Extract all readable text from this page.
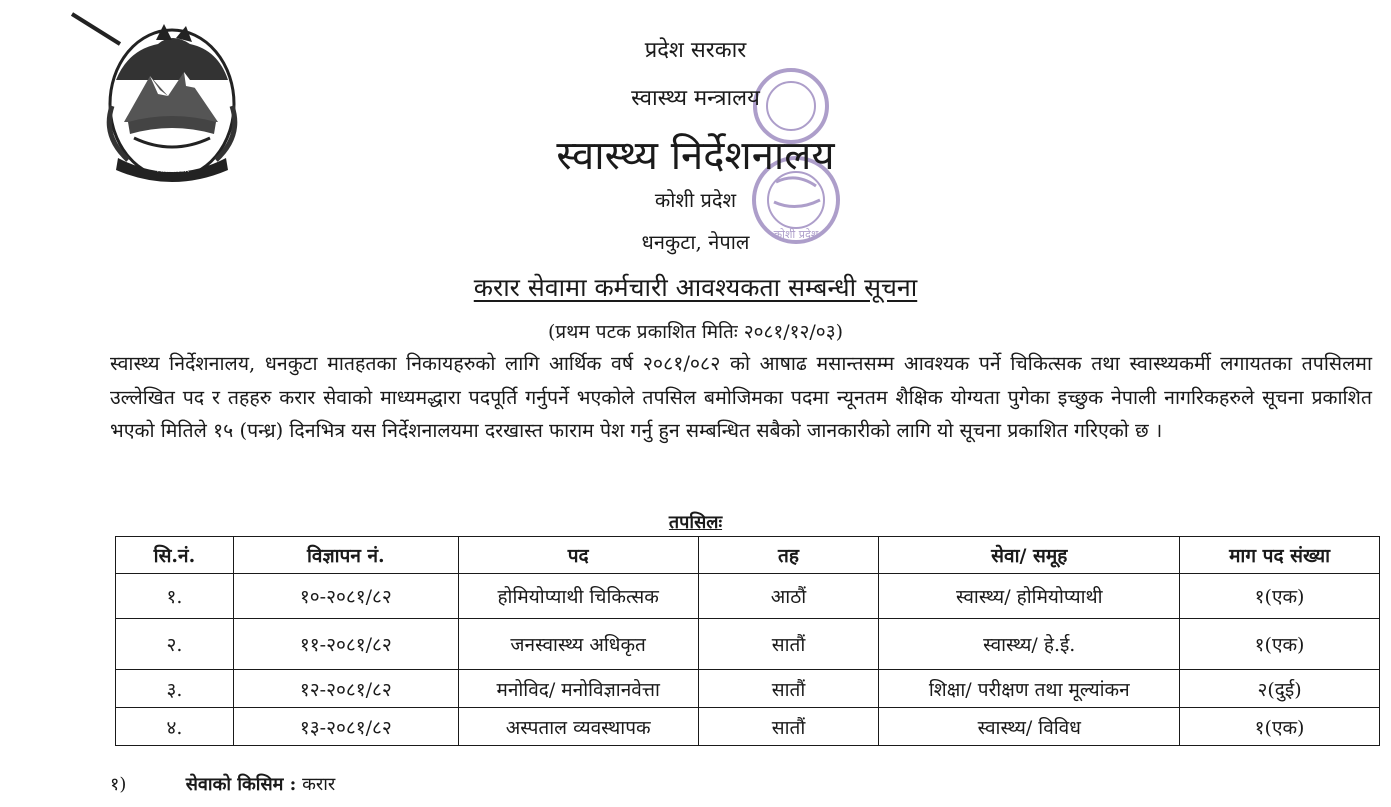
नेपाल सरकार
कोशी प्रदेश
प्रदेश सरकार
स्वास्थ्य मन्त्रालय
स्वास्थ्य निर्देशनालय
कोशी प्रदेश
धनकुटा, नेपाल
करार सेवामा कर्मचारी आवश्यकता सम्बन्धी सूचना
(प्रथम पटक प्रकाशित मितिः २०८१/१२/०३)
स्वास्थ्य निर्देशनालय, धनकुटा मातहतका निकायहरुको लागि आर्थिक वर्ष २०८१/०८२ को आषाढ मसान्तसम्म आवश्यक पर्ने चिकित्सक तथा स्वास्थ्यकर्मी लगायतका तपसिलमा उल्लेखित पद र तहहरु करार सेवाको माध्यमद्धारा पदपूर्ति गर्नुपर्ने भएकोले तपसिल बमोजिमका पदमा न्यूनतम शैक्षिक योग्यता पुगेका इच्छुक नेपाली नागरिकहरुले सूचना प्रकाशित भएको मितिले १५ (पन्ध्र) दिनभित्र यस निर्देशनालयमा दरखास्त फाराम पेश गर्नु हुन सम्बन्धित सबैको जानकारीको लागि यो सूचना प्रकाशित गरिएको छ ।
तपसिलः
सि.नं.	विज्ञापन नं.	पद	तह	सेवा/ समूह	माग पद संख्या
१.	१०-२०८१/८२	होमियोप्याथी चिकित्सक	आठौं	स्वास्थ्य/ होमियोप्याथी	१(एक)
२.	११-२०८१/८२	जनस्वास्थ्य अधिकृत	सातौं	स्वास्थ्य/ हे.ई.	१(एक)
३.	१२-२०८१/८२	मनोविद/ मनोविज्ञानवेत्ता	सातौं	शिक्षा/ परीक्षण तथा मूल्यांकन	२(दुई)
४.	१३-२०८१/८२	अस्पताल व्यवस्थापक	सातौं	स्वास्थ्य/ विविध	१(एक)
१)	सेवाको किसिम : करार
